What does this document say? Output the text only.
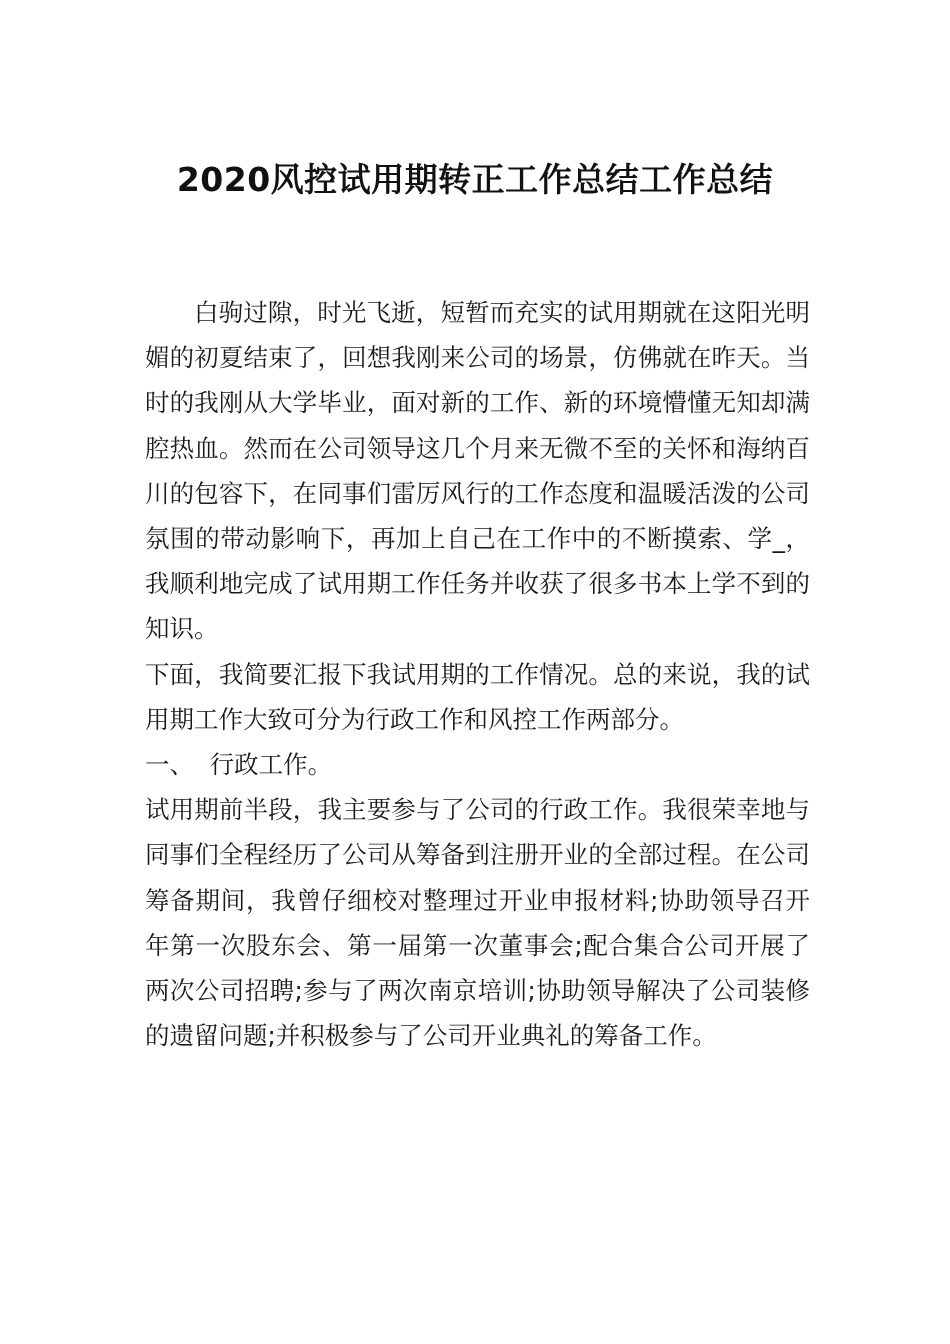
2020风控试用期转正工作总结工作总结

白驹过隙，时光飞逝，短暂而充实的试用期就在这阳光明媚的初夏结束了，回想我刚来公司的场景，仿佛就在昨天。当时的我刚从大学毕业，面对新的工作、新的环境懵懂无知却满腔热血。然而在公司领导这几个月来无微不至的关怀和海纳百川的包容下，在同事们雷厉风行的工作态度和温暖活泼的公司氛围的带动影响下，再加上自己在工作中的不断摸索、学_，我顺利地完成了试用期工作任务并收获了很多书本上学不到的知识。

下面，我简要汇报下我试用期的工作情况。总的来说，我的试用期工作大致可分为行政工作和风控工作两部分。

一、  行政工作。

试用期前半段，我主要参与了公司的行政工作。我很荣幸地与同事们全程经历了公司从筹备到注册开业的全部过程。在公司筹备期间，我曾仔细校对整理过开业申报材料;协助领导召开年第一次股东会、第一届第一次董事会;配合集合公司开展了两次公司招聘;参与了两次南京培训;协助领导解决了公司装修的遗留问题;并积极参与了公司开业典礼的筹备工作。
